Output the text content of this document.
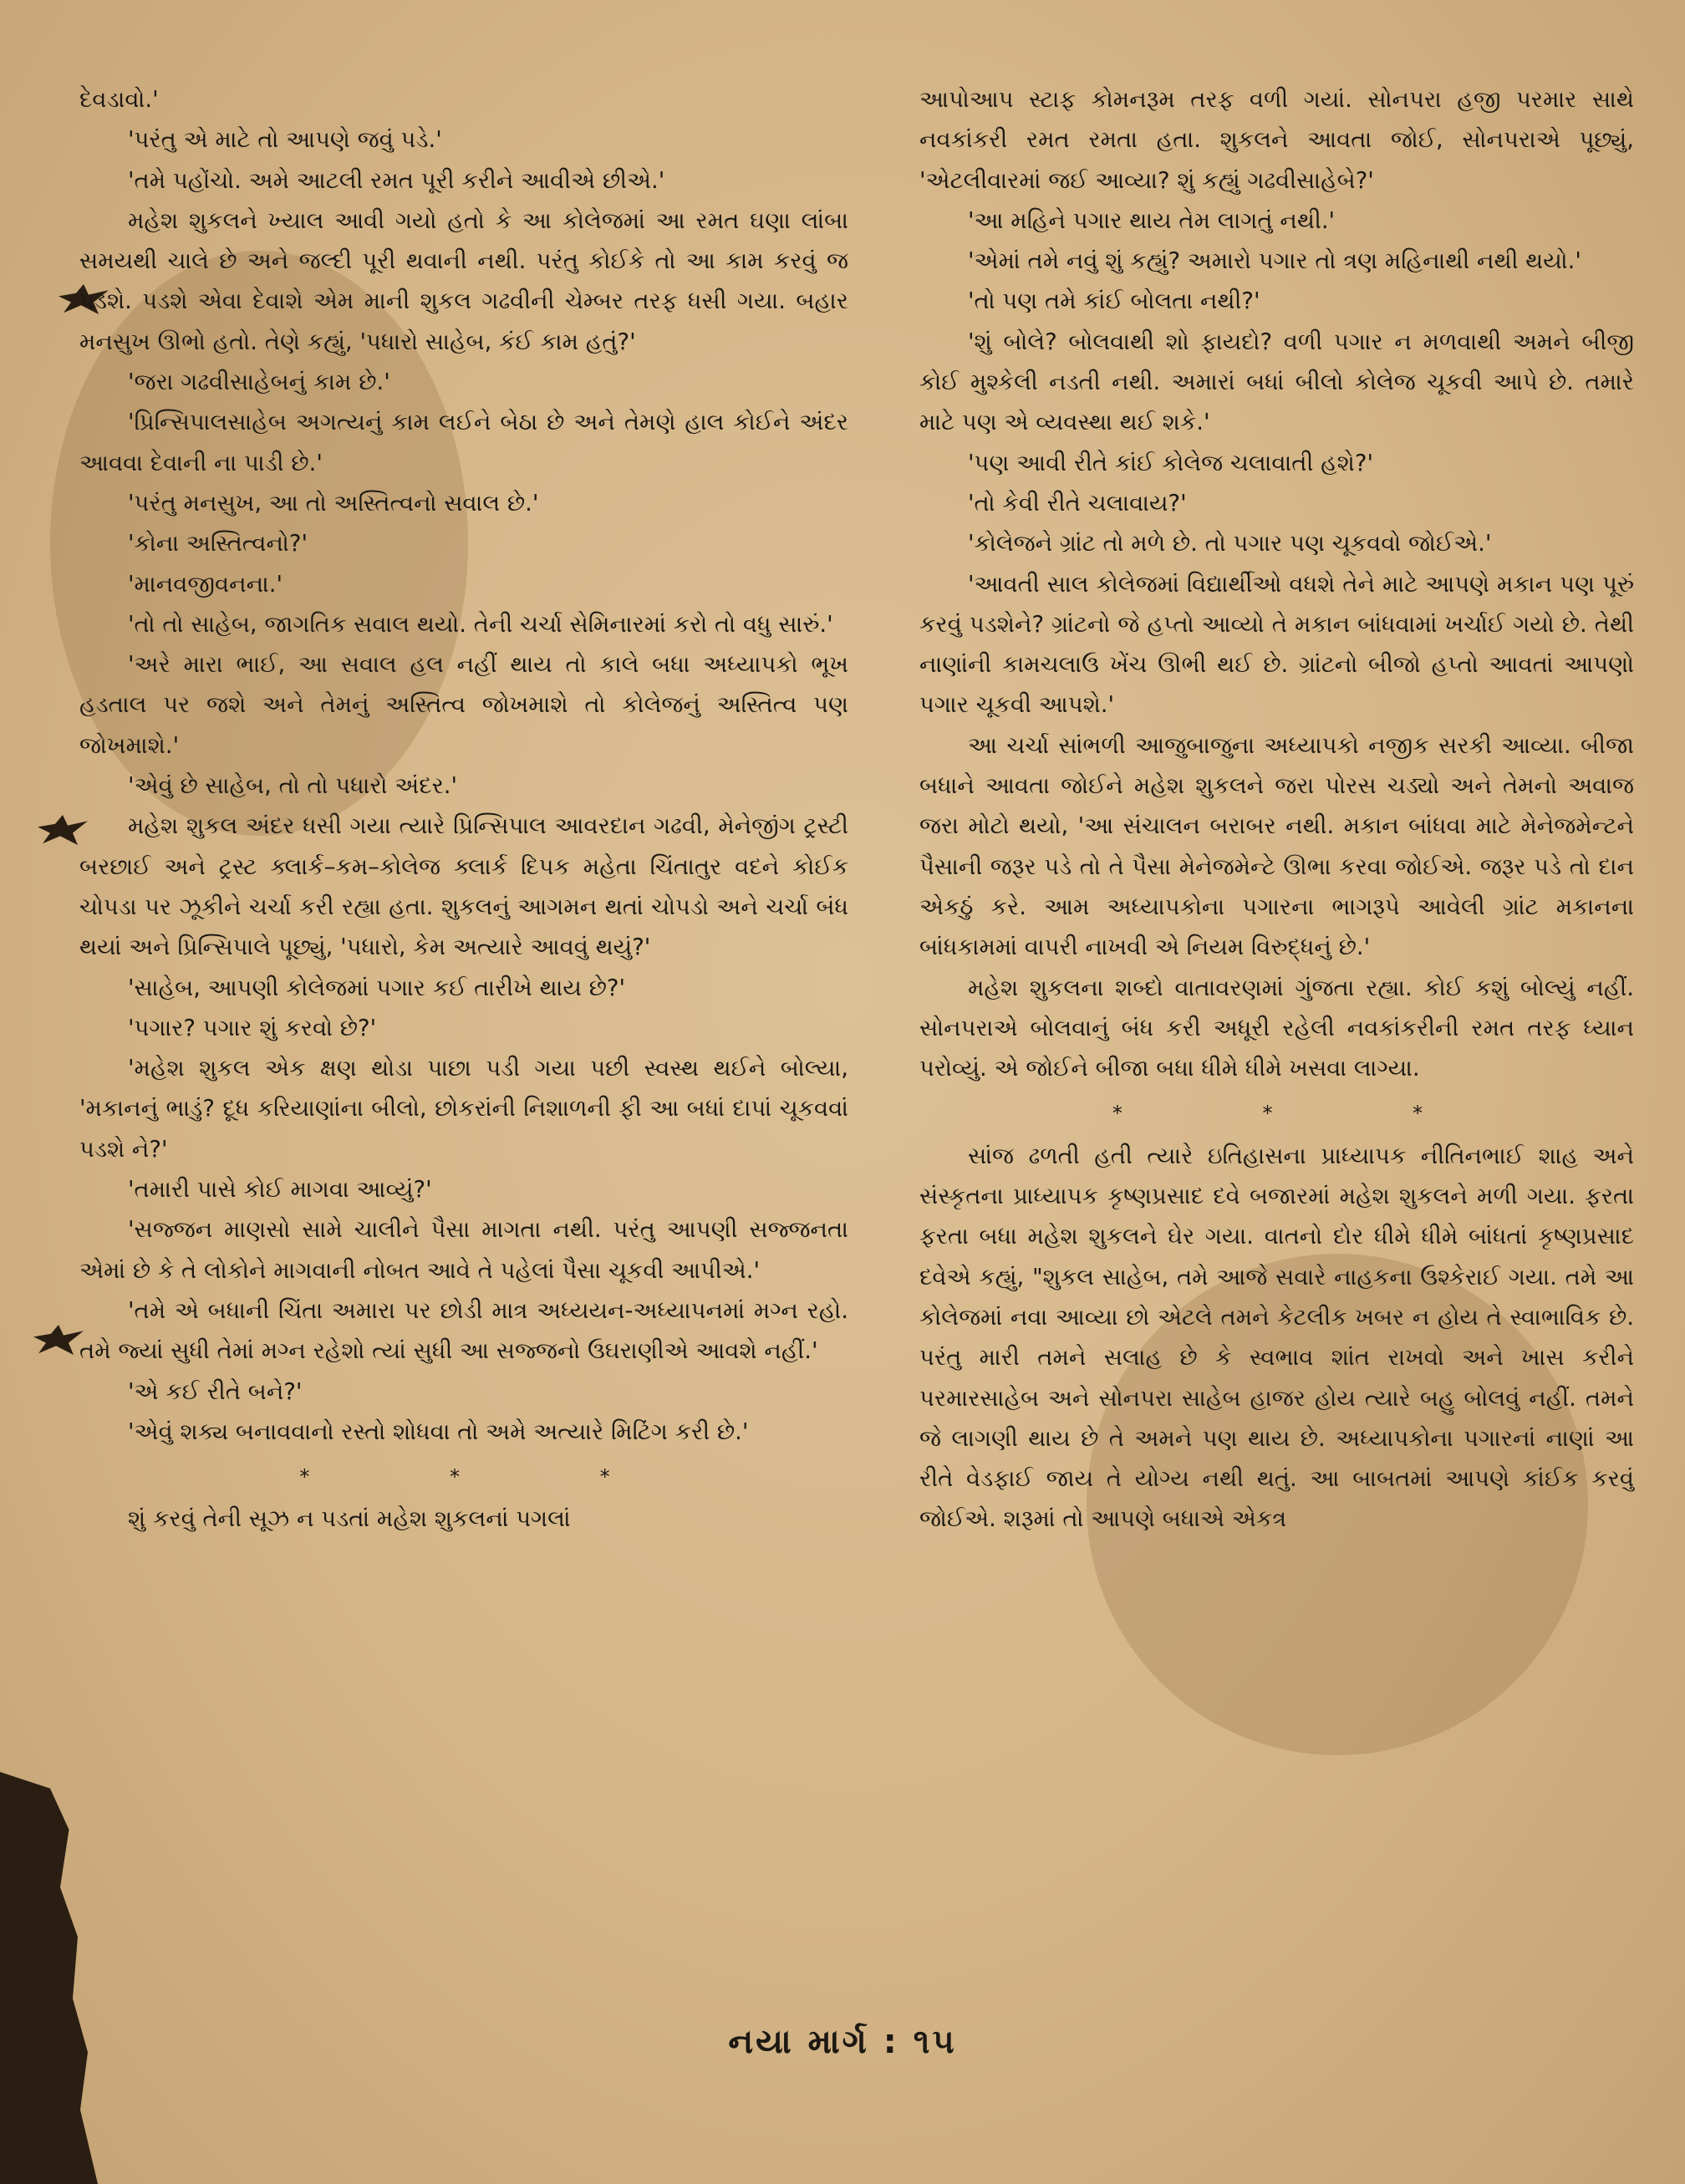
દેવડાવો.'

'પરંતુ એ માટે તો આપણે જવું પડે.'

'તમે પહોંચો. અમે આટલી રમત પૂરી કરીને આવીએ છીએ.'

મહેશ શુકલને ખ્યાલ આવી ગયો હતો કે આ કોલેજમાં આ રમત ઘણા લાંબા સમયથી ચાલે છે અને જલ્દી પૂરી થવાની નથી. પરંતુ કોઈકે તો આ કામ કરવું જ પડશે. પડશે એવા દેવાશે એમ માની શુકલ ગઢવીની ચેમ્બર તરફ ધસી ગયા. બહાર મનસુખ ઊભો હતો. તેણે કહ્યું, 'પધારો સાહેબ, કંઈ કામ હતું?'

'જરા ગઢવીસાહેબનું કામ છે.'

'પ્રિન્સિપાલસાહેબ અગત્યનું કામ લઈને બેઠા છે અને તેમણે હાલ કોઈને અંદર આવવા દેવાની ના પાડી છે.'

'પરંતુ મનસુખ, આ તો અસ્તિત્વનો સવાલ છે.'

'કોના અસ્તિત્વનો?'

'માનવજીવનના.'

'તો તો સાહેબ, જાગતિક સવાલ થયો. તેની ચર્ચા સેમિનારમાં કરો તો વધુ સારું.'

'અરે મારા ભાઈ, આ સવાલ હલ નહીં થાય તો કાલે બધા અધ્યાપકો ભૂખ હડતાલ પર જશે અને તેમનું અસ્તિત્વ જોખમાશે તો કોલેજનું અસ્તિત્વ પણ જોખમાશે.'

'એવું છે સાહેબ, તો તો પધારો અંદર.'

મહેશ શુકલ અંદર ધસી ગયા ત્યારે પ્રિન્સિપાલ આવરદાન ગઢવી, મેનેજીંગ ટ્રસ્ટી બરછાઈ અને ટ્રસ્ટ ક્લાર્ક–કમ–કોલેજ ક્લાર્ક દિપક મહેતા ચિંતાતુર વદને કોઈક ચોપડા પર ઝૂકીને ચર્ચા કરી રહ્યા હતા. શુકલનું આગમન થતાં ચોપડો અને ચર્ચા બંધ થયાં અને પ્રિન્સિપાલે પૂછ્યું, 'પધારો, કેમ અત્યારે આવવું થયું?'

'સાહેબ, આપણી કોલેજમાં પગાર કઈ તારીખે થાય છે?'

'પગાર? પગાર શું કરવો છે?'

'મહેશ શુકલ એક ક્ષણ થોડા પાછા પડી ગયા પછી સ્વસ્થ થઈને બોલ્યા, 'મકાનનું ભાડું? દૂધ કરિયાણાંના બીલો, છોકરાંની નિશાળની ફી આ બધાં દાપાં ચૂકવવાં પડશે ને?'

'તમારી પાસે કોઈ માગવા આવ્યું?'

'સજ્જન માણસો સામે ચાલીને પૈસા માગતા નથી. પરંતુ આપણી સજ્જનતા એમાં છે કે તે લોકોને માગવાની નોબત આવે તે પહેલાં પૈસા ચૂકવી આપીએ.'

'તમે એ બધાની ચિંતા અમારા પર છોડી માત્ર અધ્યયન-અધ્યાપનમાં મગ્ન રહો. તમે જ્યાં સુધી તેમાં મગ્ન રહેશો ત્યાં સુધી આ સજ્જનો ઉઘરાણીએ આવશે નહીં.'

'એ કઈ રીતે બને?'

'એવું શક્ય બનાવવાનો રસ્તો શોધવા તો અમે અત્યારે મિટિંગ કરી છે.'

* * *

શું કરવું તેની સૂઝ ન પડતાં મહેશ શુકલનાં પગલાં

આપોઆપ સ્ટાફ કોમનરૂમ તરફ વળી ગયાં. સોનપરા હજી પરમાર સાથે નવકાંકરી રમત રમતા હતા. શુકલને આવતા જોઈ, સોનપરાએ પૂછ્યું, 'એટલીવારમાં જઈ આવ્યા? શું કહ્યું ગઢવીસાહેબે?'

'આ મહિને પગાર થાય તેમ લાગતું નથી.'

'એમાં તમે નવું શું કહ્યું? અમારો પગાર તો ત્રણ મહિનાથી નથી થયો.'

'તો પણ તમે કાંઈ બોલતા નથી?'

'શું બોલે? બોલવાથી શો ફાયદો? વળી પગાર ન મળવાથી અમને બીજી કોઈ મુશ્કેલી નડતી નથી. અમારાં બધાં બીલો કોલેજ ચૂકવી આપે છે. તમારે માટે પણ એ વ્યવસ્થા થઈ શકે.'

'પણ આવી રીતે કાંઈ કોલેજ ચલાવાતી હશે?'

'તો કેવી રીતે ચલાવાય?'

'કોલેજને ગ્રાંટ તો મળે છે. તો પગાર પણ ચૂકવવો જોઈએ.'

'આવતી સાલ કોલેજમાં વિદ્યાર્થીઓ વધશે તેને માટે આપણે મકાન પણ પૂરું કરવું પડશેને? ગ્રાંટનો જે હપ્તો આવ્યો તે મકાન બાંધવામાં ખર્ચાઈ ગયો છે. તેથી નાણાંની કામચલાઉ ખેંચ ઊભી થઈ છે. ગ્રાંટનો બીજો હપ્તો આવતાં આપણો પગાર ચૂકવી આપશે.'

આ ચર્ચા સાંભળી આજુબાજુના અધ્યાપકો નજીક સરકી આવ્યા. બીજા બધાને આવતા જોઈને મહેશ શુકલને જરા પોરસ ચડ્યો અને તેમનો અવાજ જરા મોટો થયો, 'આ સંચાલન બરાબર નથી. મકાન બાંધવા માટે મેનેજમેન્ટને પૈસાની જરૂર પડે તો તે પૈસા મેનેજમેન્ટે ઊભા કરવા જોઈએ. જરૂર પડે તો દાન એકઠું કરે. આમ અધ્યાપકોના પગારના ભાગરૂપે આવેલી ગ્રાંટ મકાનના બાંધકામમાં વાપરી નાખવી એ નિયમ વિરુદ્ધનું છે.'

મહેશ શુકલના શબ્દો વાતાવરણમાં ગુંજતા રહ્યા. કોઈ કશું બોલ્યું નહીં. સોનપરાએ બોલવાનું બંધ કરી અધૂરી રહેલી નવકાંકરીની રમત તરફ ધ્યાન પરોવ્યું. એ જોઈને બીજા બધા ધીમે ધીમે ખસવા લાગ્યા.

* * *

સાંજ ઢળતી હતી ત્યારે ઇતિહાસના પ્રાધ્યાપક નીતિનભાઈ શાહ અને સંસ્કૃતના પ્રાધ્યાપક કૃષ્ણપ્રસાદ દવે બજારમાં મહેશ શુકલને મળી ગયા. ફરતા ફરતા બધા મહેશ શુકલને ઘેર ગયા. વાતનો દોર ધીમે ધીમે બાંધતાં કૃષ્ણપ્રસાદ દવેએ કહ્યું, "શુકલ સાહેબ, તમે આજે સવારે નાહકના ઉશ્કેરાઈ ગયા. તમે આ કોલેજમાં નવા આવ્યા છો એટલે તમને કેટલીક ખબર ન હોય તે સ્વાભાવિક છે. પરંતુ મારી તમને સલાહ છે કે સ્વભાવ શાંત રાખવો અને ખાસ કરીને પરમારસાહેબ અને સોનપરા સાહેબ હાજર હોય ત્યારે બહુ બોલવું નહીં. તમને જે લાગણી થાય છે તે અમને પણ થાય છે. અધ્યાપકોના પગારનાં નાણાં આ રીતે વેડફાઈ જાય તે યોગ્ય નથી થતું. આ બાબતમાં આપણે કાંઈક કરવું જોઈએ. શરૂમાં તો આપણે બધાએ એકત્ર

નયા માર્ગ : ૧૫
